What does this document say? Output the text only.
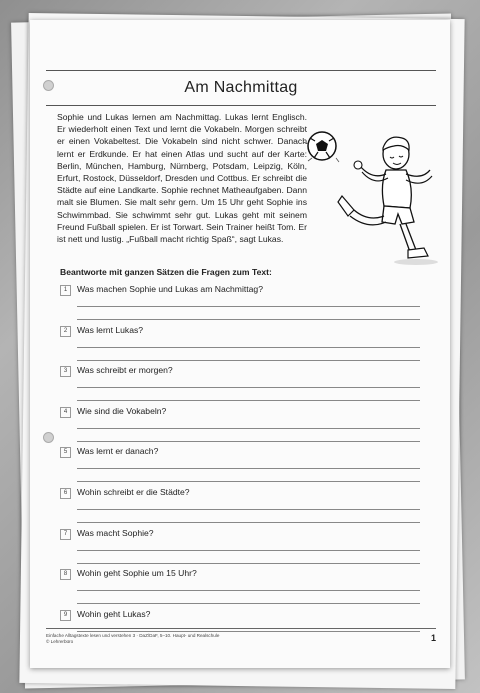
Am Nachmittag

Sophie und Lukas lernen am Nachmittag. Lukas lernt Englisch. Er wiederholt einen Text und lernt die Vokabeln. Morgen schreibt er einen Vokabeltest. Die Vokabeln sind nicht schwer. Danach lernt er Erdkunde. Er hat einen Atlas und sucht auf der Karte: Berlin, München, Hamburg, Nürnberg, Potsdam, Leipzig, Köln, Erfurt, Rostock, Düsseldorf, Dresden und Cottbus. Er schreibt die Städte auf eine Landkarte. Sophie rechnet Matheaufgaben. Dann malt sie Blumen. Sie malt sehr gern. Um 15 Uhr geht Sophie ins Schwimmbad. Sie schwimmt sehr gut. Lukas geht mit seinem Freund Fußball spielen. Er ist Torwart. Sein Trainer heißt Tom. Er ist nett und lustig. „Fußball macht richtig Spaß“, sagt Lukas.

Beantworte mit ganzen Sätzen die Fragen zum Text:
1	Was machen Sophie und Lukas am Nachmittag?
2	Was lernt Lukas?
3	Was schreibt er morgen?
4	Wie sind die Vokabeln?
5	Was lernt er danach?
6	Wohin schreibt er die Städte?
7	Was macht Sophie?
8	Wohin geht Sophie um 15 Uhr?
9	Wohin geht Lukas?
Einfache Alltagstexte lesen und verstehen 3 · DaZ/DaF, 5–10. Haupt- und Realschule
© Lehrerbüro	1
